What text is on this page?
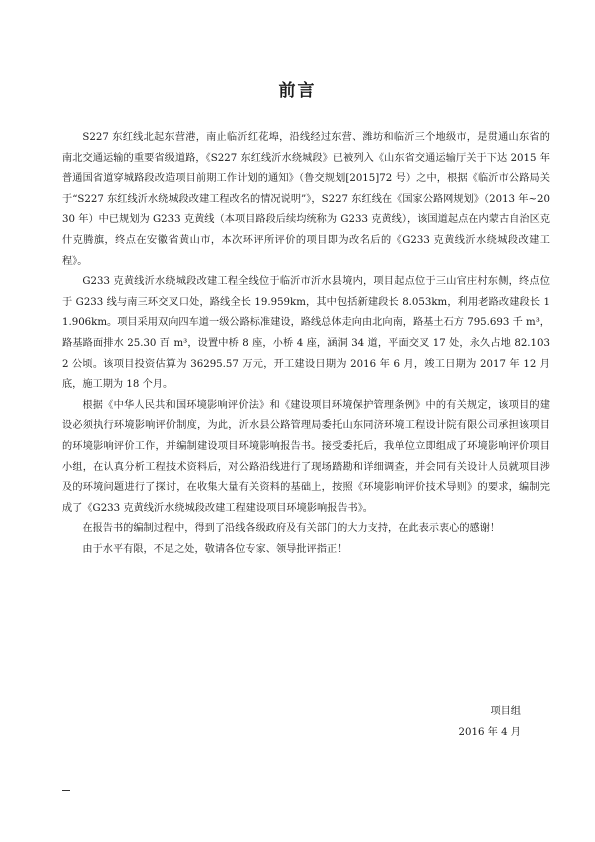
前言

S227 东红线北起东营港，南止临沂红花埠，沿线经过东营、潍坊和临沂三个地级市，是贯通山东省的南北交通运输的重要省级道路，《S227 东红线沂水绕城段》已被列入《山东省交通运输厅关于下达 2015 年普通国省道穿城路段改造项目前期工作计划的通知》（鲁交规划[2015]72 号）之中，根据《临沂市公路局关于“S227 东红线沂水绕城段改建工程改名的情况说明”》，S227 东红线在《国家公路网规划》（2013 年~2030 年）中已规划为 G233 克黄线（本项目路段后续均统称为 G233 克黄线），该国道起点在内蒙古自治区克什克腾旗，终点在安徽省黄山市，本次环评所评价的项目即为改名后的《G233 克黄线沂水绕城段改建工程》。

G233 克黄线沂水绕城段改建工程全线位于临沂市沂水县境内，项目起点位于三山官庄村东侧，终点位于 G233 线与南三环交叉口处，路线全长 19.959km，其中包括新建段长 8.053km，利用老路改建段长 11.906km。项目采用双向四车道一级公路标准建设，路线总体走向由北向南，路基土石方 795.693 千 m³，路基路面排水 25.30 百 m³，设置中桥 8 座，小桥 4 座，涵洞 34 道，平面交叉 17 处，永久占地 82.1032 公顷。该项目投资估算为 36295.57 万元，开工建设日期为 2016 年 6 月，竣工日期为 2017 年 12 月底，施工期为 18 个月。

根据《中华人民共和国环境影响评价法》和《建设项目环境保护管理条例》中的有关规定，该项目的建设必须执行环境影响评价制度，为此，沂水县公路管理局委托山东同济环境工程设计院有限公司承担该项目的环境影响评价工作，并编制建设项目环境影响报告书。接受委托后，我单位立即组成了环境影响评价项目小组，在认真分析工程技术资料后，对公路沿线进行了现场踏勘和详细调查，并会同有关设计人员就项目涉及的环境问题进行了探讨，在收集大量有关资料的基础上，按照《环境影响评价技术导则》的要求，编制完成了《G233 克黄线沂水绕城段改建工程建设项目环境影响报告书》。

在报告书的编制过程中，得到了沿线各级政府及有关部门的大力支持，在此表示衷心的感谢！

由于水平有限，不足之处，敬请各位专家、领导批评指正！

项目组
2016 年 4 月
